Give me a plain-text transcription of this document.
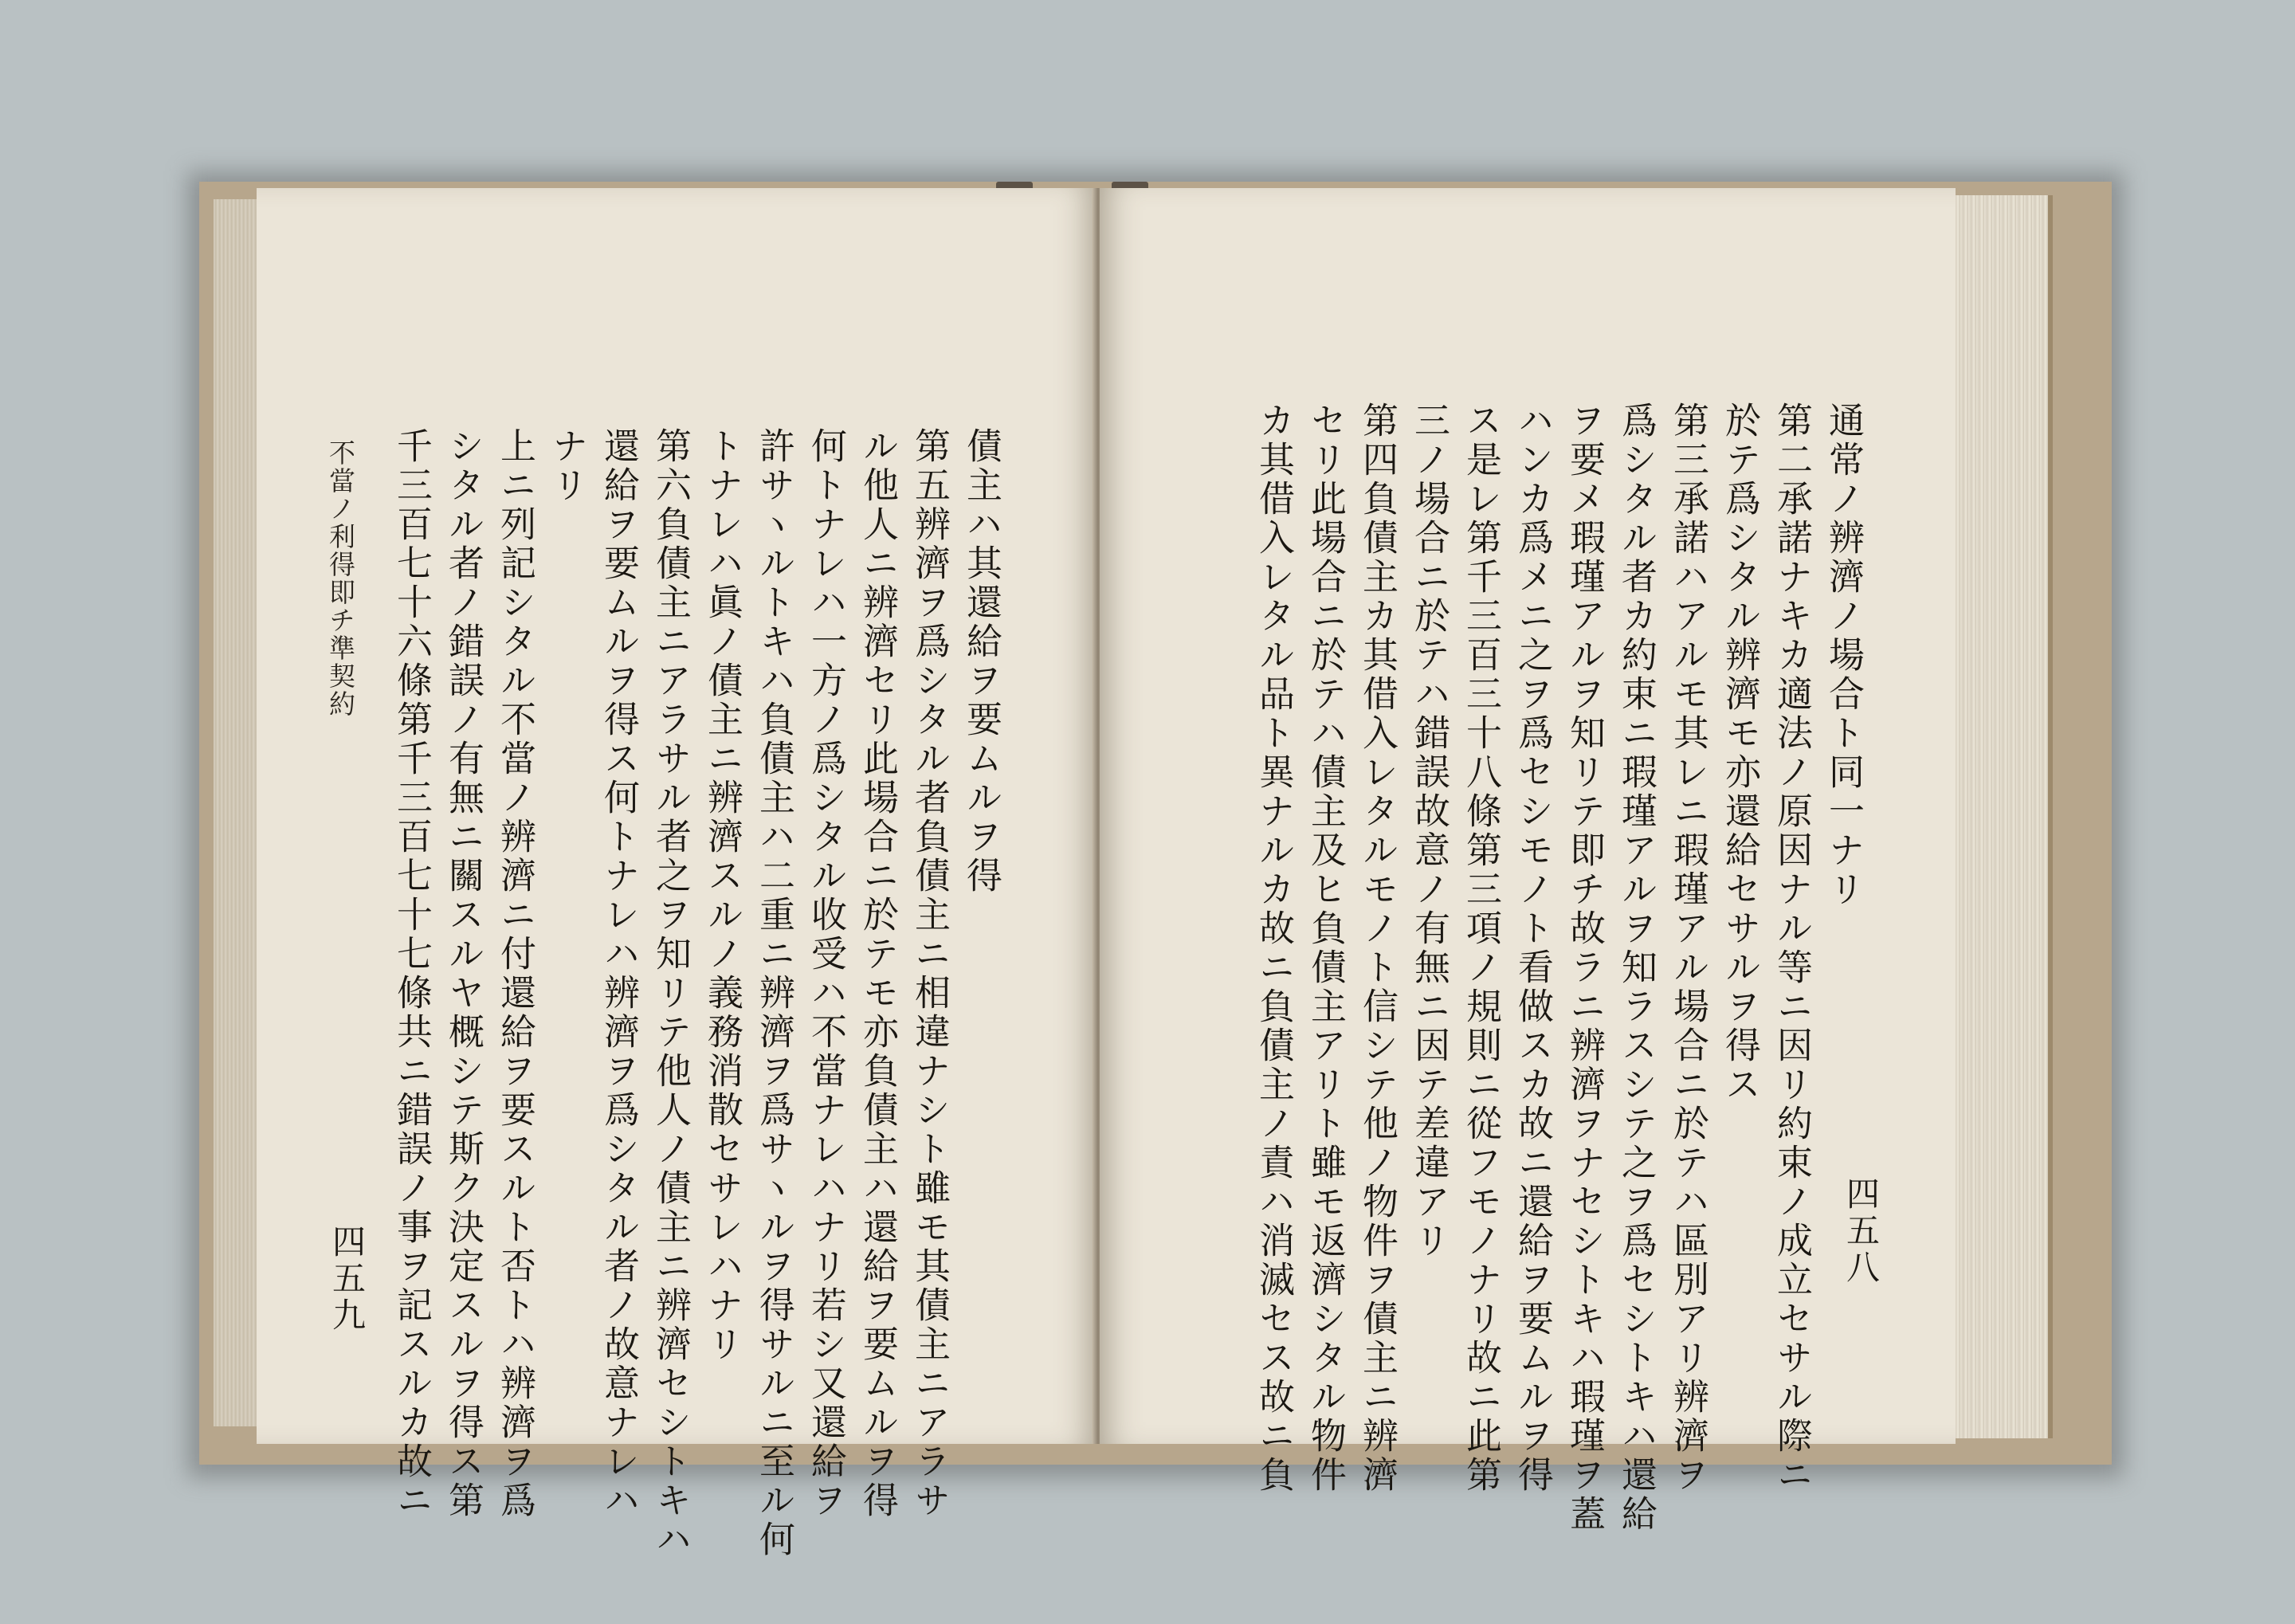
不當ノ利得即チ準契約	債主ハ其還給ヲ要ムルヲ得
第五辨濟ヲ爲シタル者負債主ニ相違ナシト雖モ其債主ニアラサ
ル他人ニ辨濟セリ此場合ニ於テモ亦負債主ハ還給ヲ要ムルヲ得
何トナレハ一方ノ爲シタル收受ハ不當ナレハナリ若シ又還給ヲ
許サヽルトキハ負債主ハ二重ニ辨濟ヲ爲サヽルヲ得サルニ至ル何
トナレハ眞ノ債主ニ辨濟スルノ義務消散セサレハナリ
第六負債主ニアラサル者之ヲ知リテ他人ノ債主ニ辨濟セシトキハ
還給ヲ要ムルヲ得ス何トナレハ辨濟ヲ爲シタル者ノ故意ナレハ
ナリ
上ニ列記シタル不當ノ辨濟ニ付還給ヲ要スルト否トハ辨濟ヲ爲
シタル者ノ錯誤ノ有無ニ關スルヤ概シテ斯ク決定スルヲ得ス第
千三百七十六條第千三百七十七條共ニ錯誤ノ事ヲ記スルカ故ニ
四五九
通常ノ辨濟ノ場合ト同一ナリ
第二承諾ナキカ適法ノ原因ナル等ニ因リ約束ノ成立セサル際ニ
於テ爲シタル辨濟モ亦還給セサルヲ得ス
第三承諾ハアルモ其レニ瑕瑾アル場合ニ於テハ區別アリ辨濟ヲ
爲シタル者カ約束ニ瑕瑾アルヲ知ラスシテ之ヲ爲セシトキハ還給
ヲ要メ瑕瑾アルヲ知リテ即チ故ラニ辨濟ヲナセシトキハ瑕瑾ヲ蓋
ハンカ爲メニ之ヲ爲セシモノト看做スカ故ニ還給ヲ要ムルヲ得
ス是レ第千三百三十八條第三項ノ規則ニ從フモノナリ故ニ此第
三ノ場合ニ於テハ錯誤故意ノ有無ニ因テ差違アリ
第四負債主カ其借入レタルモノト信シテ他ノ物件ヲ債主ニ辨濟
セリ此場合ニ於テハ債主及ヒ負債主アリト雖モ返濟シタル物件
カ其借入レタル品ト異ナルカ故ニ負債主ノ責ハ消滅セス故ニ負	四五八
